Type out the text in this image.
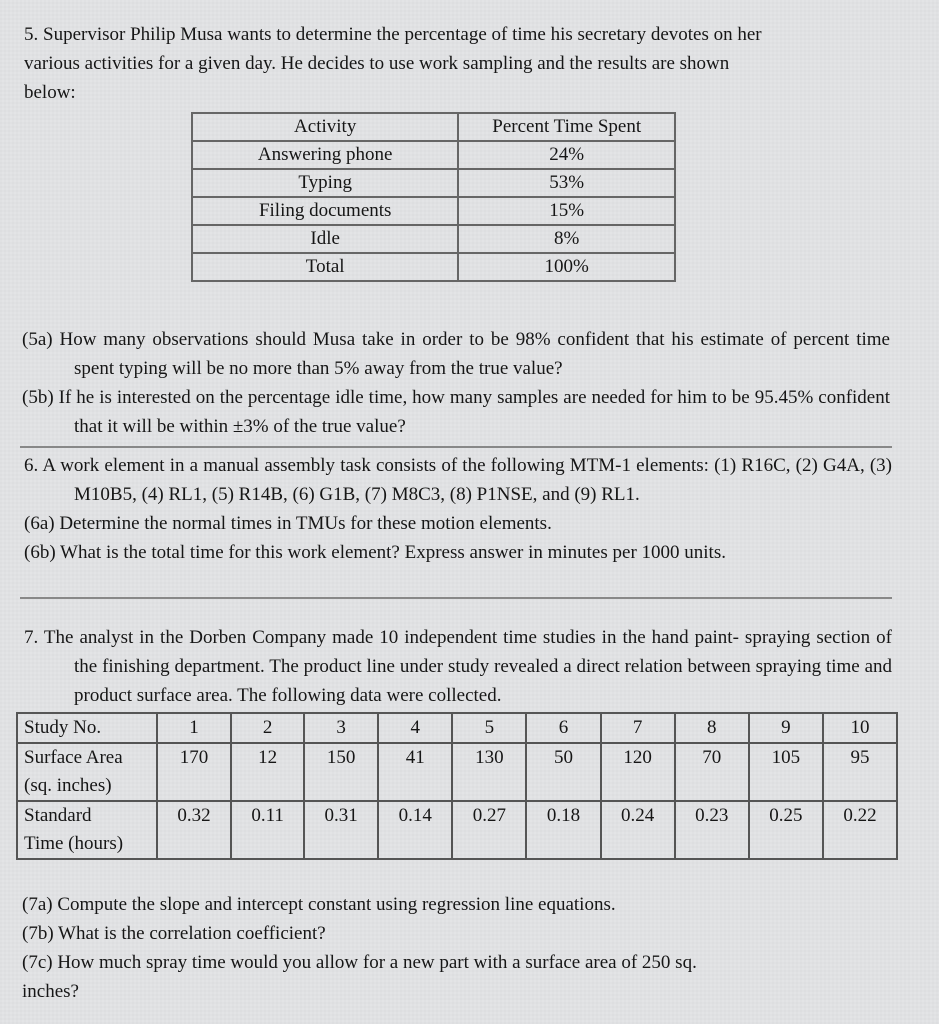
5. Supervisor Philip Musa wants to determine the percentage of time his secretary devotes on her
various activities for a given day. He decides to use work sampling and the results are shown
below:
Activity	Percent Time Spent
Answering phone	24%
Typing	53%
Filing documents	15%
Idle	8%
Total	100%
(5a) How many observations should Musa take in order to be 98% confident that his estimate of percent time spent typing will be no more than 5% away from the true value?
(5b) If he is interested on the percentage idle time, how many samples are needed for him to be 95.45% confident that it will be within ±3% of the true value?
6. A work element in a manual assembly task consists of the following MTM-1 elements: (1) R16C, (2) G4A, (3) M10B5, (4) RL1, (5) R14B, (6) G1B, (7) M8C3, (8) P1NSE, and (9) RL1.
(6a) Determine the normal times in TMUs for these motion elements.
(6b) What is the total time for this work element? Express answer in minutes per 1000 units.
7. The analyst in the Dorben Company made 10 independent time studies in the hand paint- spraying section of the finishing department. The product line under study revealed a direct relation between spraying time and product surface area. The following data were collected.
Study No.	1	2	3	4	5	6	7	8	9	10

Surface Area
(sq. inches)	170	12	150	41	130	50	120	70	105	95

Standard
Time (hours)	0.32	0.11	0.31	0.14	0.27	0.18	0.24	0.23	0.25	0.22
(7a) Compute the slope and intercept constant using regression line equations.
(7b) What is the correlation coefficient?
(7c) How much spray time would you allow for a new part with a surface area of 250 sq.
inches?
